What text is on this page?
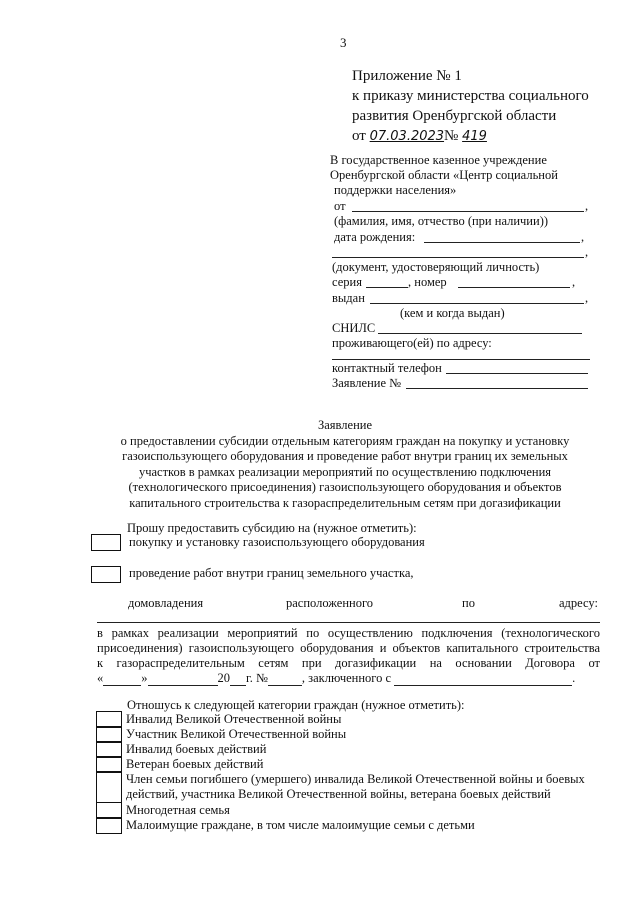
3
Приложение № 1
к приказу министерства социального
развития Оренбургской области
от 07.03.2023№ 419
В государственное казенное учреждение
Оренбургской области «Центр социальной
поддержки населения»
от	,
(фамилия, имя, отчество (при наличии))
дата рождения:	,
,
(документ, удостоверяющий личность)
серия	, номер	,
выдан	,
(кем и когда выдан)
СНИЛС
проживающего(ей) по адресу:
контактный телефон
Заявление №
Заявление
о предоставлении субсидии отдельным категориям граждан на покупку и установку
газоиспользующего оборудования и проведение работ внутри границ их земельных
участков в рамках реализации мероприятий по осуществлению подключения
(технологического присоединения) газоиспользующего оборудования и объектов
капитального строительства к газораспределительным сетям при догазификации
Прошу предоставить субсидию на (нужное отметить):
покупку и установку газоиспользующего оборудования
проведение работ внутри границ земельного участка,
домовладения	расположенного	по	адресу:
в рамках реализации мероприятий по осуществлению подключения (технологического
присоединения) газоиспользующего оборудования и объектов капитального строительства
к газораспределительным сетям при догазификации на основании Договора от
«	»	20 г. №	, заключенного с	.
Отношусь к следующей категории граждан (нужное отметить):
Инвалид Великой Отечественной войны
Участник Великой Отечественной войны
Инвалид боевых действий
Ветеран боевых действий
Член семьи погибшего (умершего) инвалида Великой Отечественной войны и боевых
действий, участника Великой Отечественной войны, ветерана боевых действий
Многодетная семья
Малоимущие граждане, в том числе малоимущие семьи с детьми
